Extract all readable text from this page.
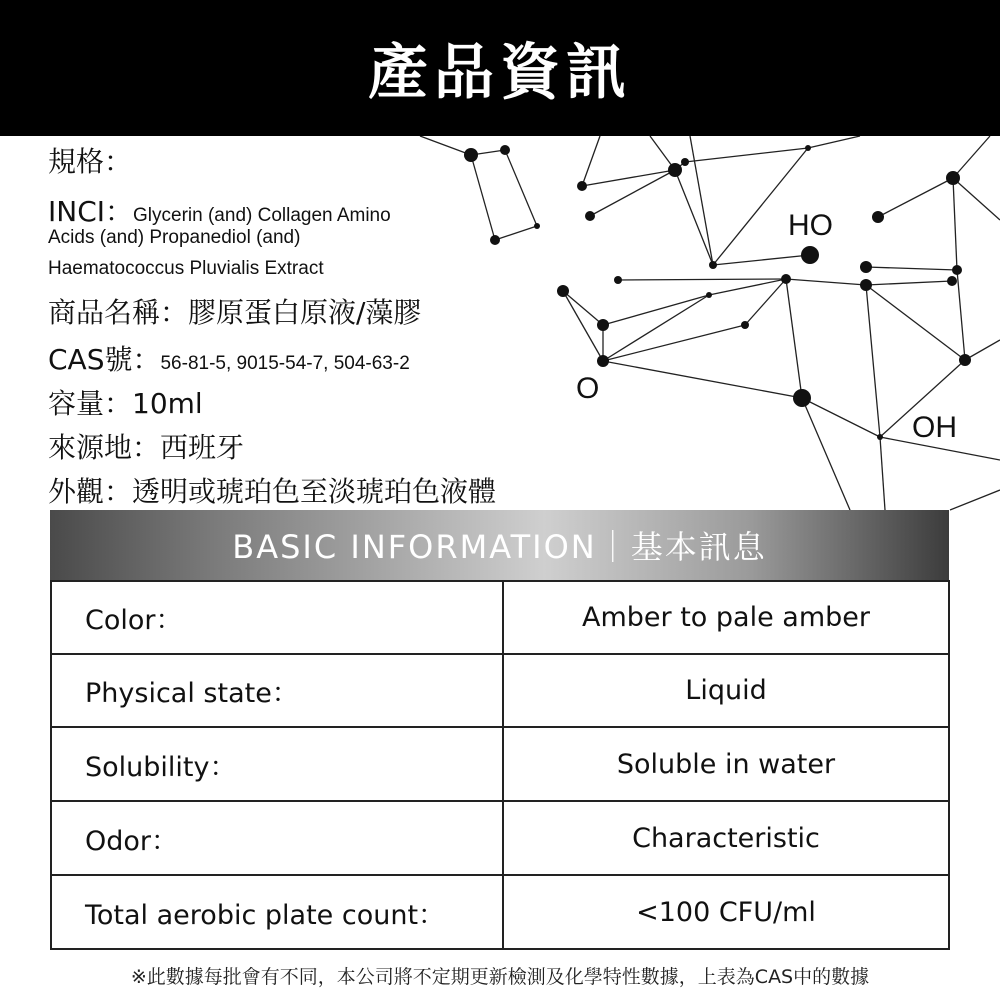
HO
O
OH
產品資訊
規格：
INCI：Glycerin (and) Collagen Amino
Acids (and) Propanediol (and)
Haematococcus Pluvialis Extract
商品名稱：膠原蛋白原液/藻膠
CAS號：56-81-5, 9015-54-7, 504-63-2
容量：10ml
來源地：西班牙
外觀：透明或琥珀色至淡琥珀色液體
BASIC INFORMATION｜基本訊息
Color：	Amber to pale amber
Physical state：	Liquid
Solubility：	Soluble in water
Odor：	Characteristic
Total aerobic plate count：	<100 CFU/ml
※此數據每批會有不同，本公司將不定期更新檢測及化學特性數據，上表為CAS中的數據
